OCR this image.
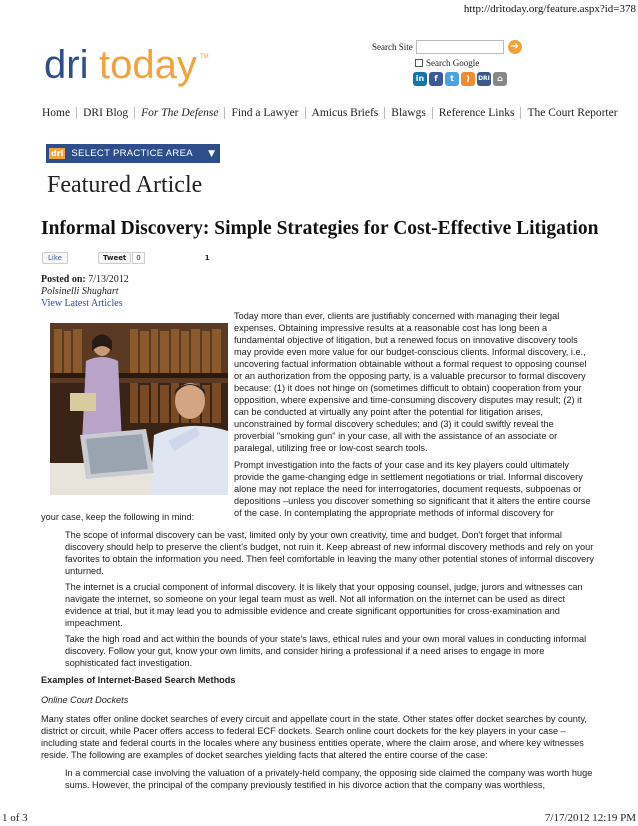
http://dritoday.org/feature.aspx?id=378
dri today TM
Search Site	➔
Search Google
in	f	t	)	DRI ⌂
Home	DRI Blog	For The Defense	Find a Lawyer	Amicus Briefs	Blawgs	Reference Links	The Court Reporter
dri SELECT PRACTICE AREA	▼
Featured Article
Informal Discovery: Simple Strategies for Cost-Effective Litigation
Like	Tweet	0	1
Posted on: 7/13/2012
Polsinelli Shughart
View Latest Articles

Today more than ever, clients are justifiably concerned with managing their legal expenses. Obtaining impressive results at a reasonable cost has long been a fundamental objective of litigation, but a renewed focus on innovative discovery tools may provide even more value for our budget-conscious clients. Informal discovery, i.e., uncovering factual information obtainable without a formal request to opposing counsel or an authorization from the opposing party, is a valuable precursor to formal discovery because: (1) it does not hinge on (sometimes difficult to obtain) cooperation from your opposition, where expensive and time-consuming discovery disputes may result; (2) it can be conducted at virtually any point after the potential for litigation arises, unconstrained by formal discovery schedules; and (3) it could swiftly reveal the proverbial "smoking gun" in your case, all with the assistance of an associate or paralegal, utilizing free or low-cost search tools.

Prompt investigation into the facts of your case and its key players could ultimately provide the game-changing edge in settlement negotiations or trial. Informal discovery alone may not replace the need for interrogatories, document requests, subpoenas or depositions –unless you discover something so significant that it alters the entire course of the case. In contemplating the appropriate methods of informal discovery for

your case, keep the following in mind:

The scope of informal discovery can be vast, limited only by your own creativity, time and budget. Don't forget that informal discovery should help to preserve the client's budget, not ruin it. Keep abreast of new informal discovery methods and rely on your favorites to obtain the information you need. Then feel comfortable in leaving the many other potential stones of informal discovery unturned.

The internet is a crucial component of informal discovery. It is likely that your opposing counsel, judge, jurors and witnesses can navigate the internet, so someone on your legal team must as well. Not all information on the internet can be used as direct evidence at trial, but it may lead you to admissible evidence and create significant opportunities for cross-examination and impeachment.

Take the high road and act within the bounds of your state's laws, ethical rules and your own moral values in conducting informal discovery. Follow your gut, know your own limits, and consider hiring a professional if a need arises to engage in more sophisticated fact investigation.

Examples of Internet-Based Search Methods

Online Court Dockets

Many states offer online docket searches of every circuit and appellate court in the state. Other states offer docket searches by county, district or circuit, while Pacer offers access to federal ECF dockets. Search online court dockets for the key players in your case – including state and federal courts in the locales where any business entities operate, where the claim arose, and where key witnesses reside. The following are examples of docket searches yielding facts that altered the entire course of the case:

In a commercial case involving the valuation of a privately-held company, the opposing side claimed the company was worth huge sums. However, the principal of the company previously testified in his divorce action that the company was worthless,

1 of 3	7/17/2012 12:19 PM
